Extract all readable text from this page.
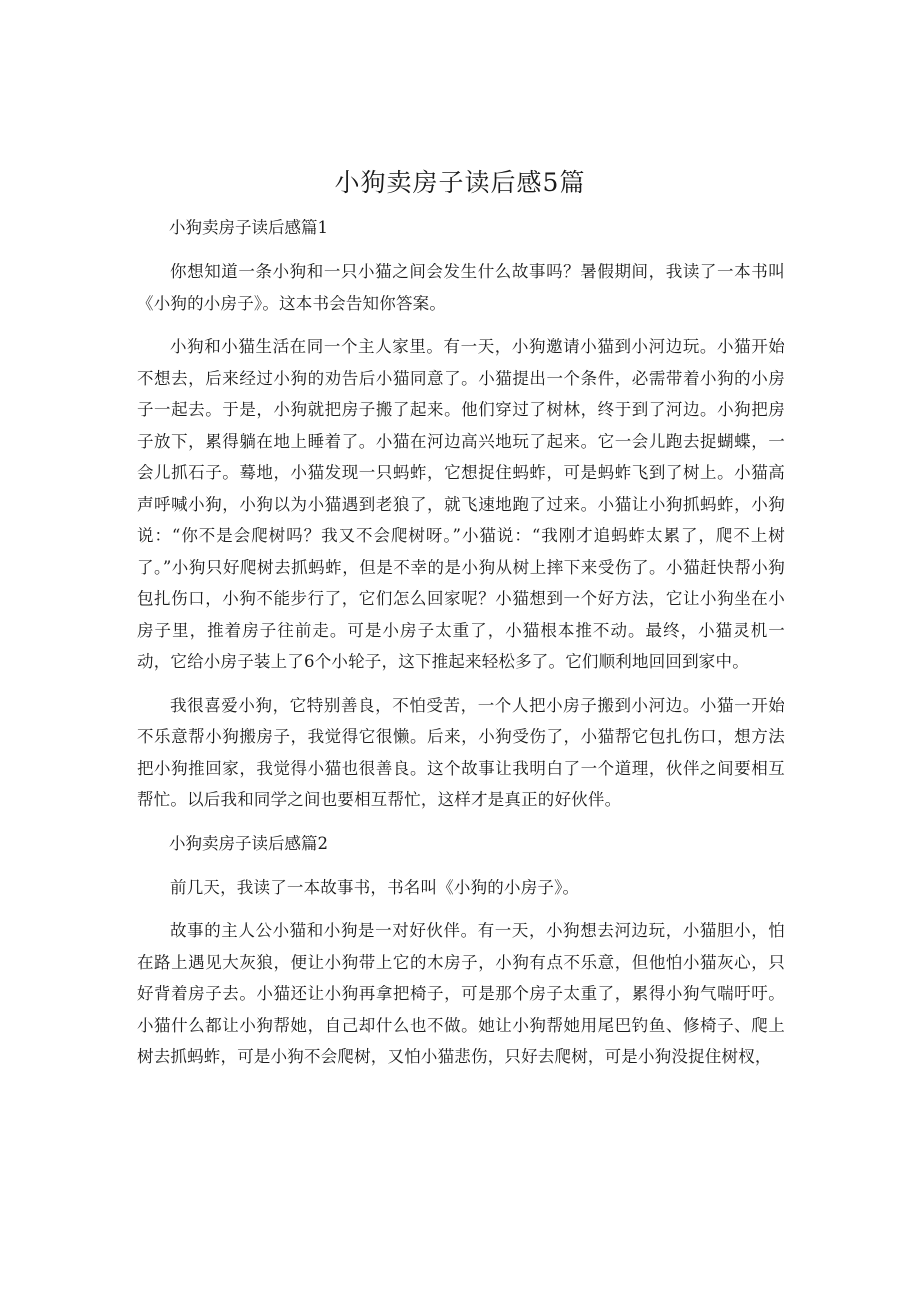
小狗卖房子读后感5篇

小狗卖房子读后感篇1

你想知道一条小狗和一只小猫之间会发生什么故事吗？暑假期间，我读了一本书叫《小狗的小房子》。这本书会告知你答案。

小狗和小猫生活在同一个主人家里。有一天，小狗邀请小猫到小河边玩。小猫开始不想去，后来经过小狗的劝告后小猫同意了。小猫提出一个条件，必需带着小狗的小房子一起去。于是，小狗就把房子搬了起来。他们穿过了树林，终于到了河边。小狗把房子放下，累得躺在地上睡着了。小猫在河边高兴地玩了起来。它一会儿跑去捉蝴蝶，一会儿抓石子。蓦地，小猫发现一只蚂蚱，它想捉住蚂蚱，可是蚂蚱飞到了树上。小猫高声呼喊小狗，小狗以为小猫遇到老狼了，就飞速地跑了过来。小猫让小狗抓蚂蚱，小狗说：“你不是会爬树吗？我又不会爬树呀。”小猫说：“我刚才追蚂蚱太累了，爬不上树了。”小狗只好爬树去抓蚂蚱，但是不幸的是小狗从树上摔下来受伤了。小猫赶快帮小狗包扎伤口，小狗不能步行了，它们怎么回家呢？小猫想到一个好方法，它让小狗坐在小房子里，推着房子往前走。可是小房子太重了，小猫根本推不动。最终，小猫灵机一动，它给小房子装上了6个小轮子，这下推起来轻松多了。它们顺利地回回到家中。

我很喜爱小狗，它特别善良，不怕受苦，一个人把小房子搬到小河边。小猫一开始不乐意帮小狗搬房子，我觉得它很懒。后来，小狗受伤了，小猫帮它包扎伤口，想方法把小狗推回家，我觉得小猫也很善良。这个故事让我明白了一个道理，伙伴之间要相互帮忙。以后我和同学之间也要相互帮忙，这样才是真正的好伙伴。

小狗卖房子读后感篇2

前几天，我读了一本故事书，书名叫《小狗的小房子》。

故事的主人公小猫和小狗是一对好伙伴。有一天，小狗想去河边玩，小猫胆小，怕在路上遇见大灰狼，便让小狗带上它的木房子，小狗有点不乐意，但他怕小猫灰心，只好背着房子去。小猫还让小狗再拿把椅子，可是那个房子太重了，累得小狗气喘吁吁。小猫什么都让小狗帮她，自己却什么也不做。她让小狗帮她用尾巴钓鱼、修椅子、爬上树去抓蚂蚱，可是小狗不会爬树，又怕小猫悲伤，只好去爬树，可是小狗没捉住树杈，
